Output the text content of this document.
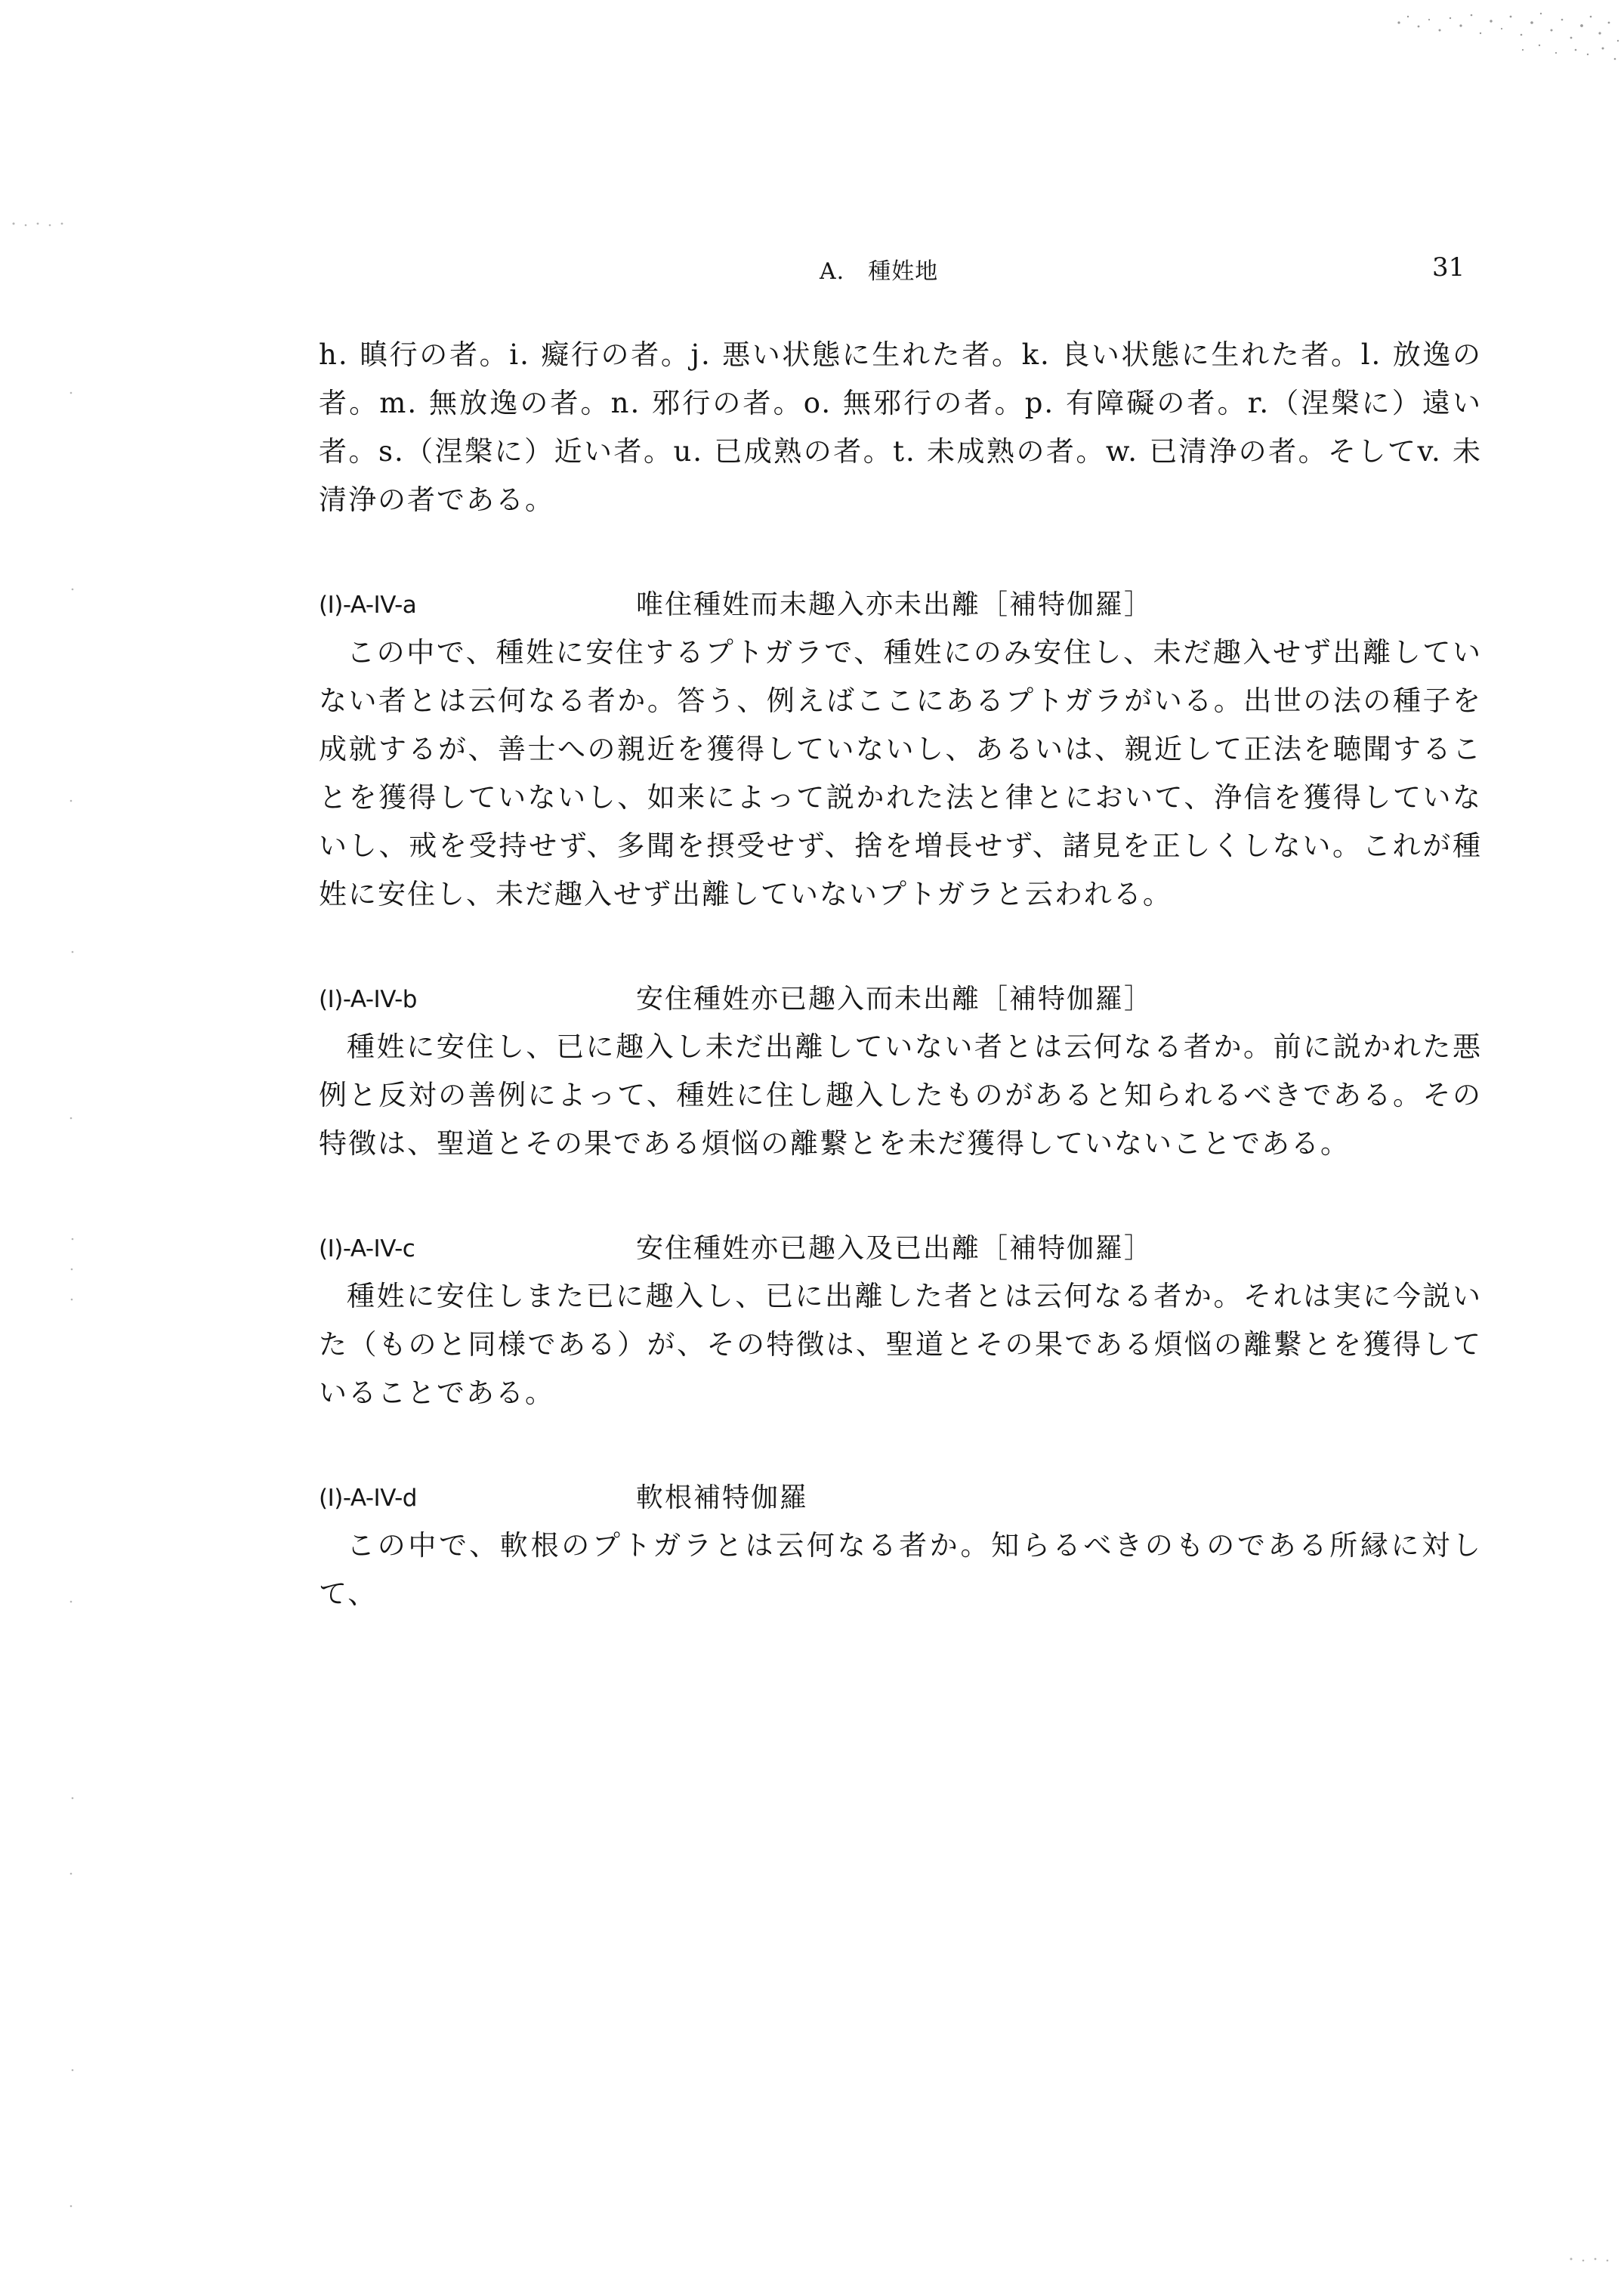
A.　種姓地	31

h. 瞋行の者。i. 癡行の者。j. 悪い状態に生れた者。k. 良い状態に生れた者。l. 放逸の者。m. 無放逸の者。n. 邪行の者。o. 無邪行の者。p. 有障礙の者。r.（涅槃に）遠い者。s.（涅槃に）近い者。u. 已成熟の者。t. 未成熟の者。w. 已清浄の者。そしてv. 未清浄の者である。

(I)-A-IV-a	唯住種姓而未趣入亦未出離［補特伽羅］

この中で、種姓に安住するプトガラで、種姓にのみ安住し、未だ趣入せず出離していない者とは云何なる者か。答う、例えばここにあるプトガラがいる。出世の法の種子を成就するが、善士への親近を獲得していないし、あるいは、親近して正法を聴聞することを獲得していないし、如来によって説かれた法と律とにおいて、浄信を獲得していないし、戒を受持せず、多聞を摂受せず、捨を増長せず、諸見を正しくしない。これが種姓に安住し、未だ趣入せず出離していないプトガラと云われる。

(I)-A-IV-b	安住種姓亦已趣入而未出離［補特伽羅］

種姓に安住し、已に趣入し未だ出離していない者とは云何なる者か。前に説かれた悪例と反対の善例によって、種姓に住し趣入したものがあると知られるべきである。その特徴は、聖道とその果である煩悩の離繋とを未だ獲得していないことである。

(I)-A-IV-c	安住種姓亦已趣入及已出離［補特伽羅］

種姓に安住しまた已に趣入し、已に出離した者とは云何なる者か。それは実に今説いた（ものと同様である）が、その特徴は、聖道とその果である煩悩の離繋とを獲得していることである。

(I)-A-IV-d	軟根補特伽羅

この中で、軟根のプトガラとは云何なる者か。知らるべきのものである所縁に対して、
